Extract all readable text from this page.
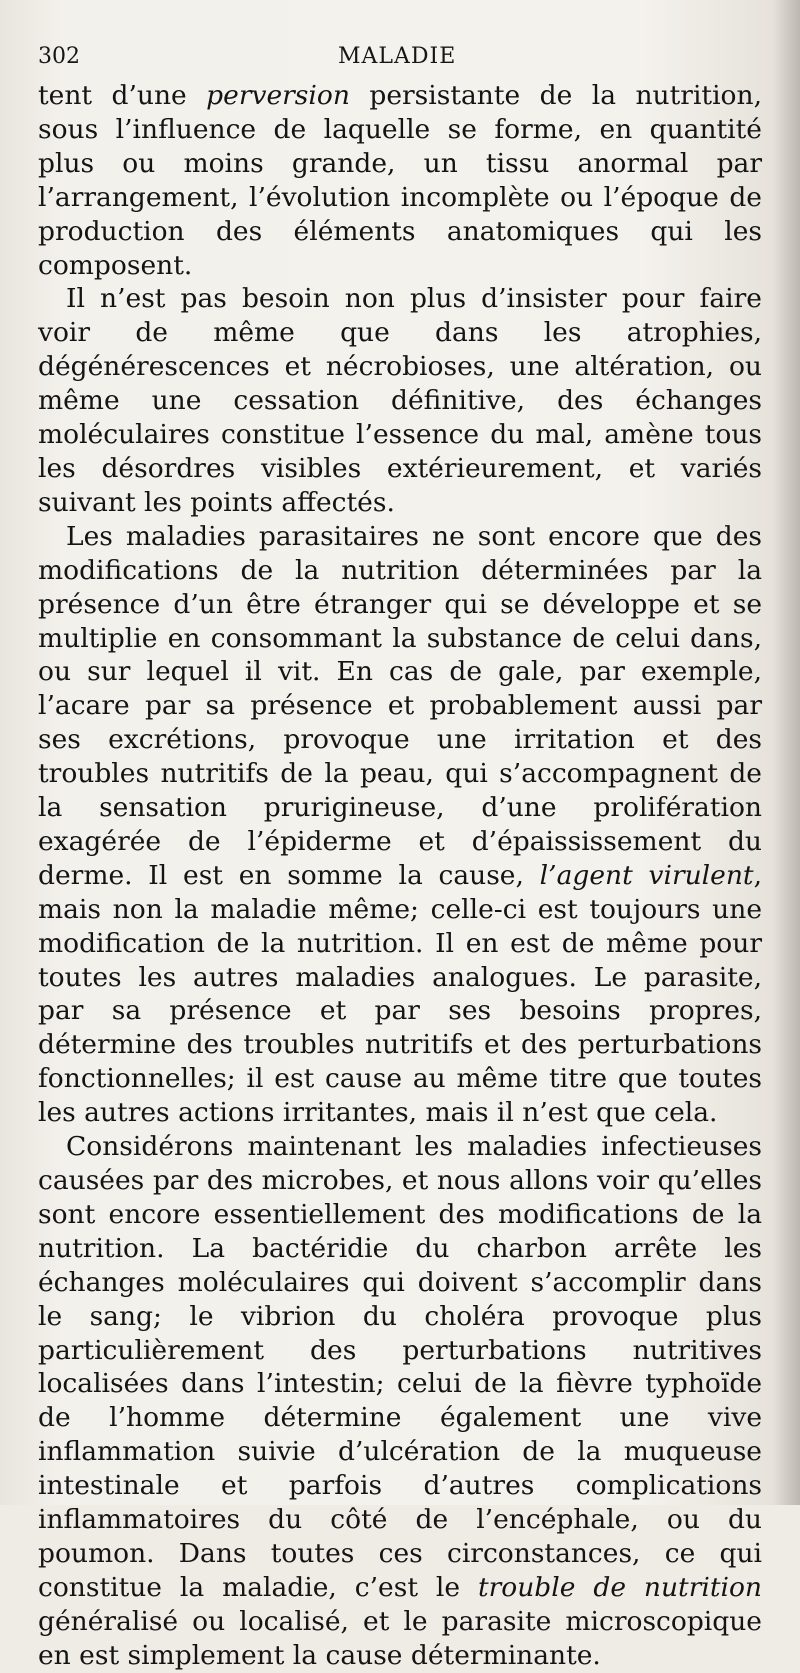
302	MALADIE

tent d’une perversion persistante de la nutrition, sous l’influence de laquelle se forme, en quantité plus ou moins grande, un tissu anormal par l’arrangement, l’évolution incomplète ou l’époque de production des éléments anatomiques qui les composent.

Il n’est pas besoin non plus d’insister pour faire voir de même que dans les atrophies, dégénérescences et nécrobioses, une altération, ou même une cessation définitive, des échanges moléculaires constitue l’essence du mal, amène tous les désordres visibles extérieurement, et variés suivant les points affectés.

Les maladies parasitaires ne sont encore que des modifications de la nutrition déterminées par la présence d’un être étranger qui se développe et se multiplie en consommant la substance de celui dans, ou sur lequel il vit. En cas de gale, par exemple, l’acare par sa présence et probablement aussi par ses excrétions, provoque une irritation et des troubles nutritifs de la peau, qui s’accompagnent de la sensation prurigineuse, d’une prolifération exagérée de l’épiderme et d’épaississement du derme. Il est en somme la cause, l’agent virulent, mais non la maladie même; celle-ci est toujours une modification de la nutrition. Il en est de même pour toutes les autres maladies analogues. Le parasite, par sa présence et par ses besoins propres, détermine des troubles nutritifs et des perturbations fonctionnelles; il est cause au même titre que toutes les autres actions irritantes, mais il n’est que cela.

Considérons maintenant les maladies infectieuses causées par des microbes, et nous allons voir qu’elles sont encore essentiellement des modifications de la nutrition. La bactéridie du charbon arrête les échanges moléculaires qui doivent s’accomplir dans le sang; le vibrion du choléra provoque plus particulièrement des perturbations nutritives localisées dans l’intestin; celui de la fièvre typhoïde de l’homme détermine également une vive inflammation suivie d’ulcération de la muqueuse intestinale et parfois d’autres complications inflammatoires du côté de l’encéphale, ou du poumon. Dans toutes ces circonstances, ce qui constitue la maladie, c’est le trouble de nutrition généralisé ou localisé, et le parasite microscopique en est simplement la cause déterminante.
